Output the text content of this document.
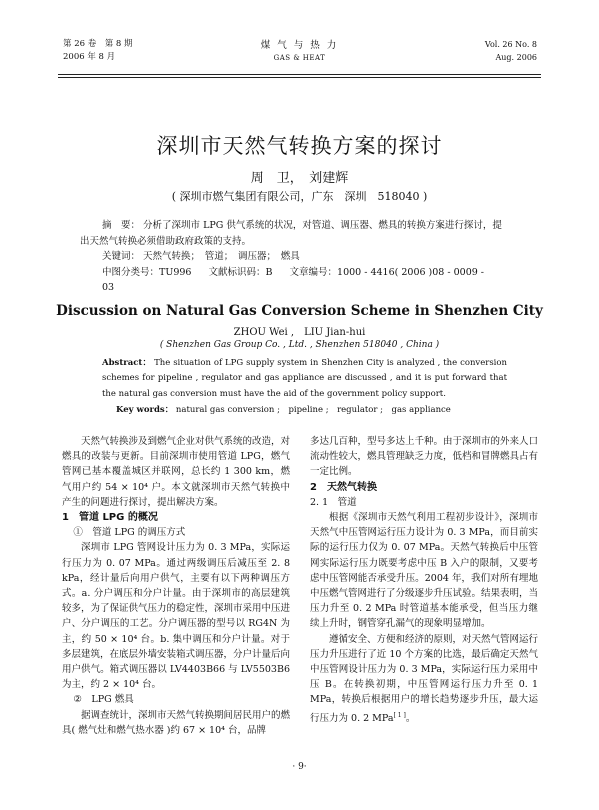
第 26 卷　第 8 期
2006 年 8 月
煤 气 与 热 力
GAS & HEAT
Vol. 26 No. 8
Aug. 2006
深圳市天然气转换方案的探讨
周　卫，　刘建辉
( 深圳市燃气集团有限公司，广东　深圳　518040 )
摘　要： 分析了深圳市 LPG 供气系统的状况，对管道、调压器、燃具的转换方案进行探讨，提
出天然气转换必须借助政府政策的支持。
关键词： 天然气转换；　管道；　调压器；　燃具
中图分类号：TU996 文献标识码：B 文章编号：1000 - 4416( 2006 )08 - 0009 - 03
Discussion on Natural Gas Conversion Scheme in Shenzhen City
ZHOU Wei ,　LIU Jian-hui
( Shenzhen Gas Group Co. , Ltd. , Shenzhen 518040 , China )
Abstract： The situation of LPG supply system in Shenzhen City is analyzed , the conversion schemes for pipeline , regulator and gas appliance are discussed , and it is put forward that the natural gas conversion must have the aid of the government policy support.
Key words： natural gas conversion ;　pipeline ;　regulator ;　gas appliance

天然气转换涉及到燃气企业对供气系统的改造，对燃具的改装与更新。目前深圳市使用管道 LPG，燃气管网已基本覆盖城区并联网，总长约 1 300 km，燃气用户约 54 × 10⁴ 户。本文就深圳市天然气转换中产生的问题进行探讨，提出解决方案。

1　管道 LPG 的概况

①　管道 LPG 的调压方式

深圳市 LPG 管网设计压力为 0. 3 MPa，实际运行压力为 0. 07 MPa。通过两级调压后减压至 2. 8 kPa，经计量后向用户供气，主要有以下两种调压方式。a. 分户调压和分户计量。由于深圳市的高层建筑较多，为了保证供气压力的稳定性，深圳市采用中压进户、分户调压的工艺。分户调压器的型号以 RG4N 为主，约 50 × 10⁴ 台。b. 集中调压和分户计量。对于多层建筑，在底层外墙安装箱式调压器，分户计量后向用户供气。箱式调压器以 LV4403B66 与 LV5503B6 为主，约 2 × 10⁴ 台。

②　LPG 燃具

据调查统计，深圳市天然气转换期间居民用户的燃具( 燃气灶和燃气热水器 )约 67 × 10⁴ 台，品牌

多达几百种，型号多达上千种。由于深圳市的外来人口流动性较大，燃具管理缺乏力度，低档和冒牌燃具占有一定比例。

2　天然气转换

2. 1　管道

根据《深圳市天然气利用工程初步设计》，深圳市天然气中压管网运行压力设计为 0. 3 MPa，而目前实际的运行压力仅为 0. 07 MPa。天然气转换后中压管网实际运行压力既要考虑中压 B 入户的限制，又要考虑中压管网能否承受升压。2004 年，我们对所有埋地中压燃气管网进行了分级逐步升压试验。结果表明，当压力升至 0. 2 MPa 时管道基本能承受，但当压力继续上升时，钢管穿孔漏气的现象明显增加。

遵循安全、方便和经济的原则，对天然气管网运行压力升压进行了近 10 个方案的比选，最后确定天然气中压管网设计压力为 0. 3 MPa，实际运行压力采用中压 B。在转换初期，中压管网运行压力升至 0. 1 MPa，转换后根据用户的增长趋势逐步升压，最大运行压力为 0. 2 MPa[ 1 ]。

· 9·
